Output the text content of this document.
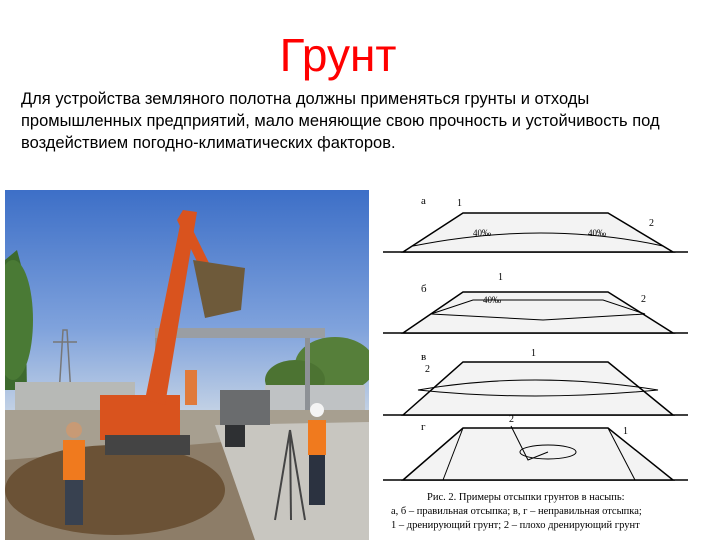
Грунт
Для устройства земляного полотна должны применяться грунты и отходы промышленных предприятий, мало меняющие свою прочность и устойчивость под воздействием погодно-климатических факторов.
а	1
2
40‰	40‰
б
1
2
40‰
в	1
2
г
2
1
Рис. 2. Примеры отсыпки грунтов в насыпь:
а, б – правильная отсыпка; в, г – неправильная отсыпка;
1 – дренирующий грунт; 2 – плохо дренирующий грунт
